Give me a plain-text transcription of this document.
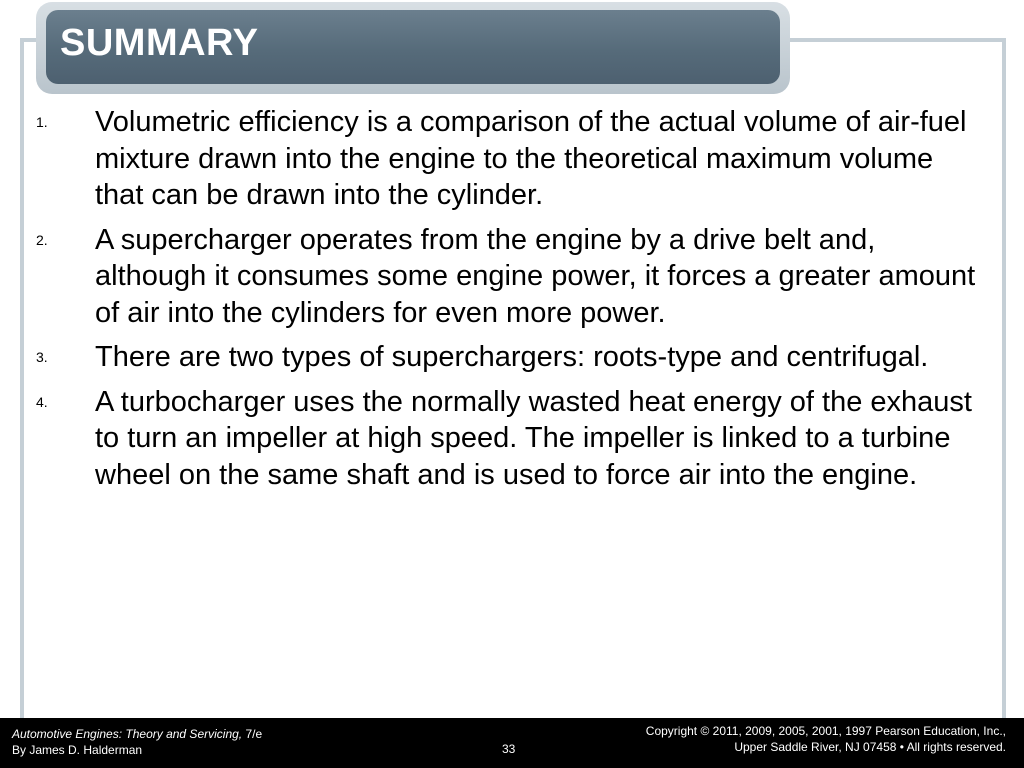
SUMMARY
1. Volumetric efficiency is a comparison of the actual volume of air-fuel mixture drawn into the engine to the theoretical maximum volume that can be drawn into the cylinder.
2. A supercharger operates from the engine by a drive belt and, although it consumes some engine power, it forces a greater amount of air into the cylinders for even more power.
3. There are two types of superchargers: roots-type and centrifugal.
4. A turbocharger uses the normally wasted heat energy of the exhaust to turn an impeller at high speed. The impeller is linked to a turbine wheel on the same shaft and is used to force air into the engine.
Automotive Engines: Theory and Servicing, 7/e
By James D. Halderman	33
Copyright © 2011, 2009, 2005, 2001, 1997 Pearson Education, Inc.,
Upper Saddle River, NJ 07458 • All rights reserved.
